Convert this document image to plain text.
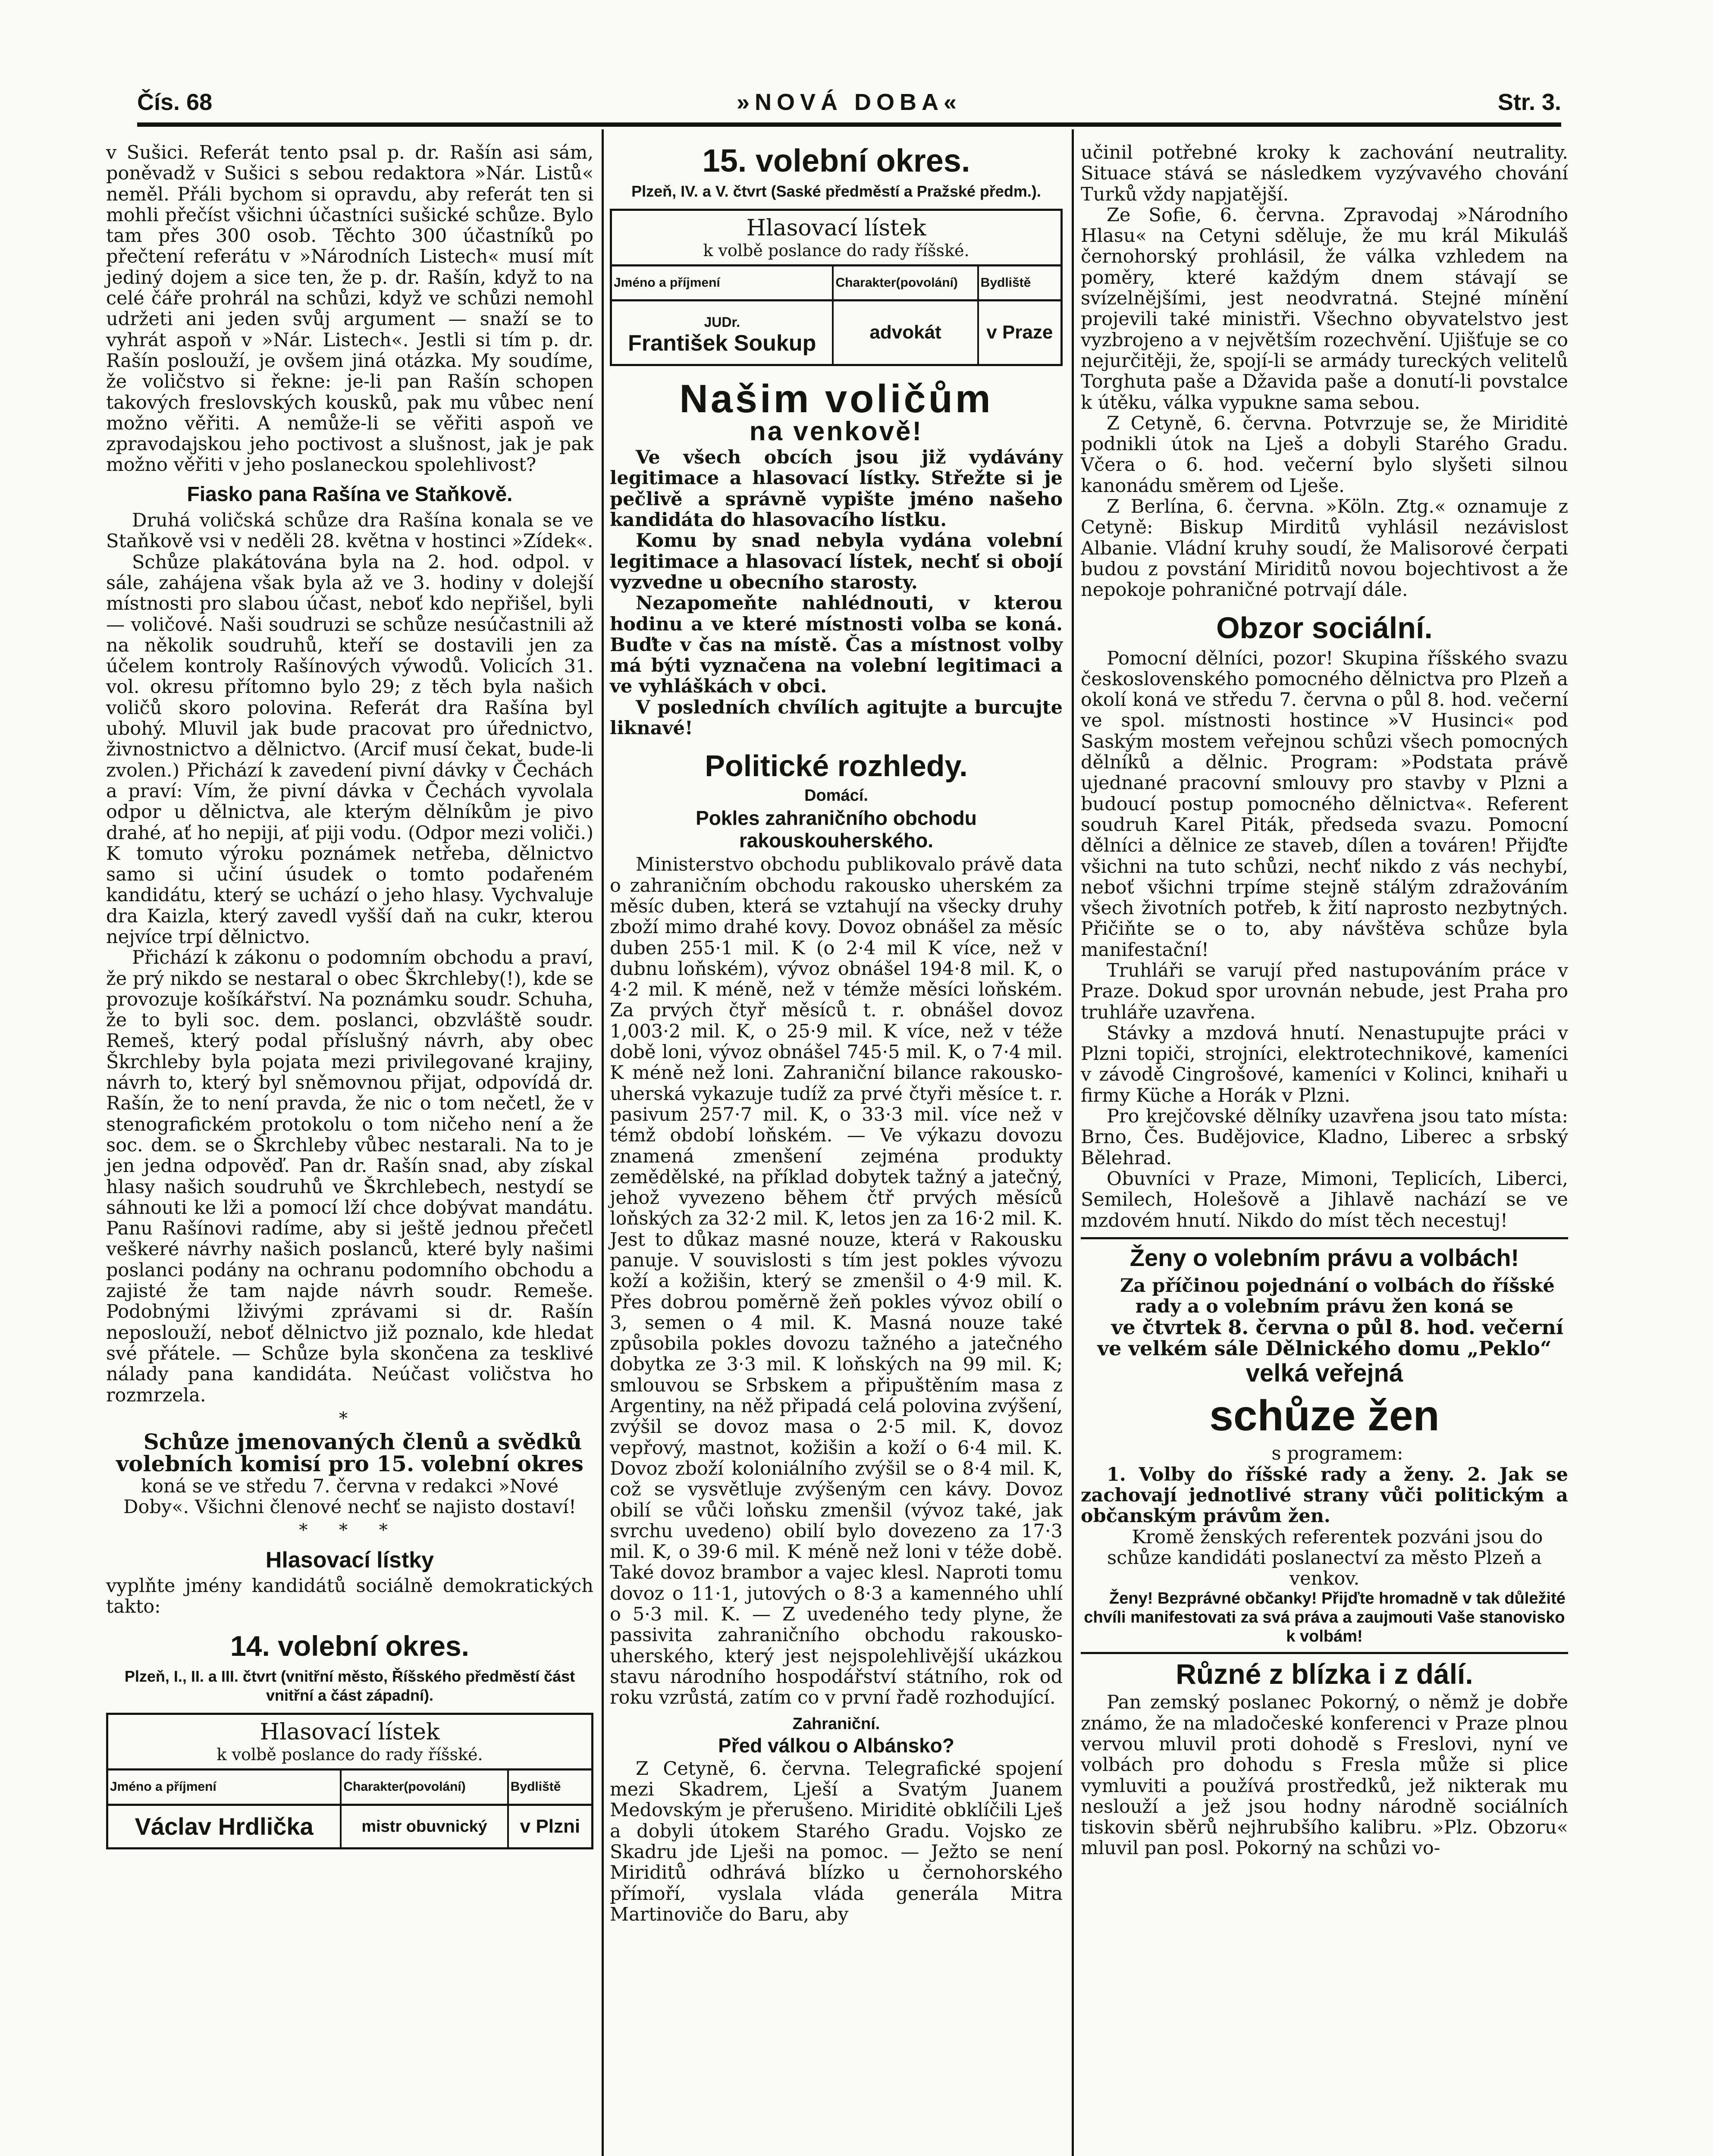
Čís. 68	»NOVÁ DOBA«	Str. 3.

v Sušici. Referát tento psal p. dr. Rašín asi sám, poněvadž v Sušici s sebou redaktora »Nár. Listů« neměl. Přáli bychom si opravdu, aby referát ten si mohli přečíst všichni účastníci sušické schůze. Bylo tam přes 300 osob. Těchto 300 účastníků po přečtení referátu v »Národních Listech« musí mít jediný dojem a sice ten, že p. dr. Rašín, když to na celé čáře prohrál na schůzi, když ve schůzi nemohl udržeti ani jeden svůj argument — snaží se to vyhrát aspoň v »Nár. Listech«. Jestli si tím p. dr. Rašín poslouží, je ovšem jiná otázka. My soudíme, že voličstvo si řekne: je-li pan Rašín schopen takových freslovských kousků, pak mu vůbec není možno věřiti. A nemůže-li se věřiti aspoň ve zpravodajskou jeho poctivost a slušnost, jak je pak možno věřiti v jeho poslaneckou spolehlivost?

Fiasko pana Rašína ve Staňkově.

Druhá voličská schůze dra Rašína konala se ve Staňkově vsi v neděli 28. května v hostinci »Zídek«.

Schůze plakátována byla na 2. hod. odpol. v sále, zahájena však byla až ve 3. hodiny v dolejší místnosti pro slabou účast, neboť kdo nepřišel, byli — voličové. Naši soudruzi se schůze nesúčastnili až na několik soudruhů, kteří se dostavili jen za účelem kontroly Rašínových výwodů. Volicích 31. vol. okresu přítomno bylo 29; z těch byla našich voličů skoro polovina. Referát dra Rašína byl ubohý. Mluvil jak bude pracovat pro úřednictvo, živnostnictvo a dělnictvo. (Arcif musí čekat, bude-li zvolen.) Přichází k zavedení pivní dávky v Čechách a praví: Vím, že pivní dávka v Čechách vyvolala odpor u dělnictva, ale kterým dělníkům je pivo drahé, ať ho nepiji, ať piji vodu. (Odpor mezi voliči.) K tomuto výroku poznámek netřeba, dělnictvo samo si učiní úsudek o tomto podařeném kandidátu, který se uchází o jeho hlasy. Vychvaluje dra Kaizla, který zavedl vyšší daň na cukr, kterou nejvíce trpí dělnictvo.

Přichází k zákonu o podomním obchodu a praví, že prý nikdo se nestaral o obec Škrchleby(!), kde se provozuje košíkářství. Na poznámku soudr. Schuha, že to byli soc. dem. poslanci, obzvláště soudr. Remeš, který podal příslušný návrh, aby obec Škrchleby byla pojata mezi privilegované krajiny, návrh to, který byl sněmovnou přijat, odpovídá dr. Rašín, že to není pravda, že nic o tom nečetl, že v stenografickém protokolu o tom ničeho není a že soc. dem. se o Škrchleby vůbec nestarali. Na to je jen jedna odpověď. Pan dr. Rašín snad, aby získal hlasy našich soudruhů ve Škrchlebech, nestydí se sáhnouti ke lži a pomocí lží chce dobývat mandátu. Panu Rašínovi radíme, aby si ještě jednou přečetl veškeré návrhy našich poslanců, které byly našimi poslanci podány na ochranu podomního obchodu a zajisté že tam najde návrh soudr. Remeše. Podobnými lživými zprávami si dr. Rašín neposlouží, neboť dělnictvo již poznalo, kde hledat své přátele. — Schůze byla skončena za tesklivé nálady pana kandidáta. Neúčast voličstva ho rozmrzela.

*

Schůze jmenovaných členů a svědků volebních komisí pro 15. volební okres koná se ve středu 7. června v redakci »Nové Doby«. Všichni členové nechť se najisto dostaví!

* * *
Hlasovací lístky

vyplňte jmény kandidátů sociálně demokratických takto:

14. volební okres.
Plzeň, I., II. a III. čtvrt (vnitřní město, Říšského předměstí část vnitřní a část západní).
Hlasovací lístek
k volbě poslance do rady říšské.
Jméno a příjmení	Charakter(povolání)	Bydliště
Václav Hrdlička	mistr obuvnický	v Plzni
15. volební okres.
Plzeň, IV. a V. čtvrt (Saské předměstí a Pražské předm.).
Hlasovací lístek
k volbě poslance do rady říšské.
Jméno a příjmení	Charakter(povolání)	Bydliště

JUDr.
František Soukup	advokát	v Praze
Našim voličům
na venkově!

Ve všech obcích jsou již vydávány legitimace a hlasovací lístky. Střežte si je pečlivě a správně vypište jméno našeho kandidáta do hlasovacího lístku.

Komu by snad nebyla vydána volební legitimace a hlasovací lístek, nechť si obojí vyzvedne u obecního starosty.

Nezapomeňte nahlédnouti, v kterou hodinu a ve které místnosti volba se koná. Buďte v čas na místě. Čas a místnost volby má býti vyznačena na volební legitimaci a ve vyhláškách v obci.

V posledních chvílích agitujte a burcujte liknavé!

Politické rozhledy.
Domácí.
Pokles zahraničního obchodu rakouskouherského.

Ministerstvo obchodu publikovalo právě data o zahraničním obchodu rakousko uherském za měsíc duben, která se vztahují na všecky druhy zboží mimo drahé kovy. Dovoz obnášel za měsíc duben 255·1 mil. K (o 2·4 mil K více, než v dubnu loňském), vývoz obnášel 194·8 mil. K, o 4·2 mil. K méně, než v témže měsíci loňském. Za prvých čtyř měsíců t. r. obnášel dovoz 1,003·2 mil. K, o 25·9 mil. K více, než v téže době loni, vývoz obnášel 745·5 mil. K, o 7·4 mil. K méně než loni. Zahraniční bilance rakousko-uherská vykazuje tudíž za prvé čtyři měsíce t. r. pasivum 257·7 mil. K, o 33·3 mil. více než v témž období loňském. — Ve výkazu dovozu znamená zmenšení zejména produkty zemědělské, na příklad dobytek tažný a jatečný, jehož vyvezeno během čtř prvých měsíců loňských za 32·2 mil. K, letos jen za 16·2 mil. K. Jest to důkaz masné nouze, která v Rakousku panuje. V souvislosti s tím jest pokles vývozu koží a kožišin, který se zmenšil o 4·9 mil. K. Přes dobrou poměrně žeň pokles vývoz obilí o 3, semen o 4 mil. K. Masná nouze také způsobila pokles dovozu tažného a jatečného dobytka ze 3·3 mil. K loňských na 99 mil. K; smlouvou se Srbskem a připuštěním masa z Argentiny, na něž připadá celá polovina zvýšení, zvýšil se dovoz masa o 2·5 mil. K, dovoz vepřový, mastnot, kožišin a koží o 6·4 mil. K. Dovoz zboží koloniálního zvýšil se o 8·4 mil. K, což se vysvětluje zvýšeným cen kávy. Dovoz obilí se vůči loňsku zmenšil (vývoz také, jak svrchu uvedeno) obilí bylo dovezeno za 17·3 mil. K, o 39·6 mil. K méně než loni v téže době. Také dovoz brambor a vajec klesl. Naproti tomu dovoz o 11·1, jutových o 8·3 a kamenného uhlí o 5·3 mil. K. — Z uvedeného tedy plyne, že passivita zahraničního obchodu rakousko-uherského, který jest nejspolehlivější ukázkou stavu národního hospodářství státního, rok od roku vzrůstá, zatím co v první řadě rozhodující.

Zahraniční.
Před válkou o Albánsko?

Z Cetyně, 6. června. Telegrafické spojení mezi Skadrem, Lješí a Svatým Juanem Medovským je přerušeno. Miriditė obklíčili Lješ a dobyli útokem Starého Gradu. Vojsko ze Skadru jde Lješi na pomoc. — Ježto se není Miriditů odhrává blízko u černohorského přímoří, vyslala vláda generála Mitra Martinoviče do Baru, aby

učinil potřebné kroky k zachování neutrality. Situace stává se následkem vyzývavého chování Turků vždy napjatější.

Ze Sofie, 6. června. Zpravodaj »Národního Hlasu« na Cetyni sděluje, že mu král Mikuláš černohorský prohlásil, že válka vzhledem na poměry, které každým dnem stávají se svízelnějšími, jest neodvratná. Stejné mínění projevili také ministři. Všechno obyvatelstvo jest vyzbrojeno a v největším rozechvění. Ujišťuje se co nejurčitěji, že, spojí-li se armády tureckých velitelů Torghuta paše a Džavida paše a donutí-li povstalce k útěku, válka vypukne sama sebou.

Z Cetyně, 6. června. Potvrzuje se, že Miriditė podnikli útok na Lješ a dobyli Starého Gradu. Včera o 6. hod. večerní bylo slyšeti silnou kanonádu směrem od Lješe.

Z Berlína, 6. června. »Köln. Ztg.« oznamuje z Cetyně: Biskup Mirditů vyhlásil nezávislost Albanie. Vládní kruhy soudí, že Malisorové čerpati budou z povstání Miriditů novou bojechtivost a že nepokoje pohraničné potrvají dále.

Obzor sociální.

Pomocní dělníci, pozor! Skupina říšského svazu československého pomocného dělnictva pro Plzeň a okolí koná ve středu 7. června o půl 8. hod. večerní ve spol. místnosti hostince »V Husinci« pod Saským mostem veřejnou schůzi všech pomocných dělníků a dělnic. Program: »Podstata právě ujednané pracovní smlouvy pro stavby v Plzni a budoucí postup pomocného dělnictva«. Referent soudruh Karel Piták, předseda svazu. Pomocní dělníci a dělnice ze staveb, dílen a továren! Přijďte všichni na tuto schůzi, nechť nikdo z vás nechybí, neboť všichni trpíme stejně stálým zdražováním všech životních potřeb, k žití naprosto nezbytných. Přičiňte se o to, aby návštěva schůze byla manifestační!

Truhláři se varují před nastupováním práce v Praze. Dokud spor urovnán nebude, jest Praha pro truhláře uzavřena.

Stávky a mzdová hnutí. Nenastupujte práci v Plzni topiči, strojníci, elektrotechnikové, kameníci v závodě Cingrošové, kameníci v Kolinci, knihaři u firmy Küche a Horák v Plzni.

Pro krejčovské dělníky uzavřena jsou tato místa: Brno, Čes. Budějovice, Kladno, Liberec a srbský Bělehrad.

Obuvníci v Praze, Mimoni, Teplicích, Liberci, Semilech, Holešově a Jihlavě nachází se ve mzdovém hnutí. Nikdo do míst těch necestuj!

Ženy o volebním právu a volbách!

Za příčinou pojednání o volbách do říšské rady a o volebním právu žen koná se

ve čtvrtek 8. června o půl 8. hod. večerní ve velkém sále Dělnického domu „Peklo“

velká veřejná
schůze žen

s programem:

1. Volby do říšské rady a ženy. 2. Jak se zachovají jednotlivé strany vůči politickým a občanským právům žen.

Kromě ženských referentek pozváni jsou do schůze kandidáti poslanectví za město Plzeň a venkov.

Ženy! Bezprávné občanky! Přijďte hromadně v tak důležité chvíli manifestovati za svá práva a zaujmouti Vaše stanovisko k volbám!

Různé z blízka i z dálí.

Pan zemský poslanec Pokorný, o němž je dobře známo, že na mladočeské konferenci v Praze plnou vervou mluvil proti dohodě s Freslovi, nyní ve volbách pro dohodu s Fresla může si plice vymluviti a používá prostředků, jež nikterak mu neslouží a jež jsou hodny národně sociálních tiskovin sběrů nejhrubšího kalibru. »Plz. Obzoru« mluvil pan posl. Pokorný na schůzi vo-
